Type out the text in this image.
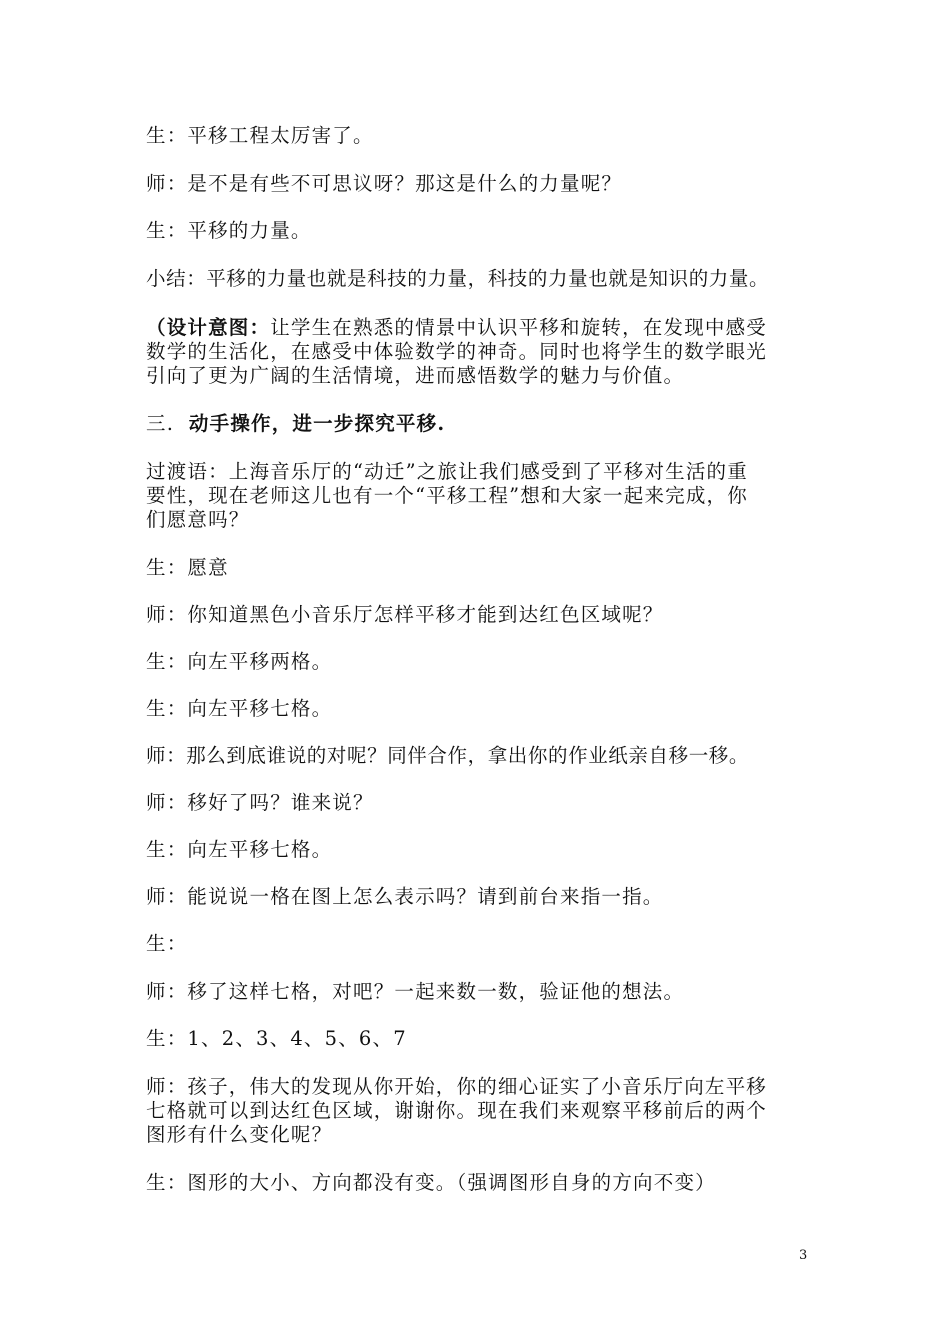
生：平移工程太厉害了。
师：是不是有些不可思议呀？那这是什么的力量呢？
生：平移的力量。
小结：平移的力量也就是科技的力量，科技的力量也就是知识的力量。
（设计意图：让学生在熟悉的情景中认识平移和旋转，在发现中感受
数学的生活化，在感受中体验数学的神奇。同时也将学生的数学眼光
引向了更为广阔的生活情境，进而感悟数学的魅力与价值。
三. 动手操作，进一步探究平移.
过渡语：上海音乐厅的“动迁”之旅让我们感受到了平移对生活的重
要性，现在老师这儿也有一个“平移工程”想和大家一起来完成，你
们愿意吗？
生：愿意
师：你知道黑色小音乐厅怎样平移才能到达红色区域呢？
生：向左平移两格。
生：向左平移七格。
师：那么到底谁说的对呢？同伴合作，拿出你的作业纸亲自移一移。
师：移好了吗？谁来说？
生：向左平移七格。
师：能说说一格在图上怎么表示吗？请到前台来指一指。
生：
师：移了这样七格，对吧？一起来数一数，验证他的想法。
生：1、2、3、4、5、6、7
师：孩子，伟大的发现从你开始，你的细心证实了小音乐厅向左平移
七格就可以到达红色区域，谢谢你。现在我们来观察平移前后的两个
图形有什么变化呢？
生：图形的大小、方向都没有变。（强调图形自身的方向不变）
3
